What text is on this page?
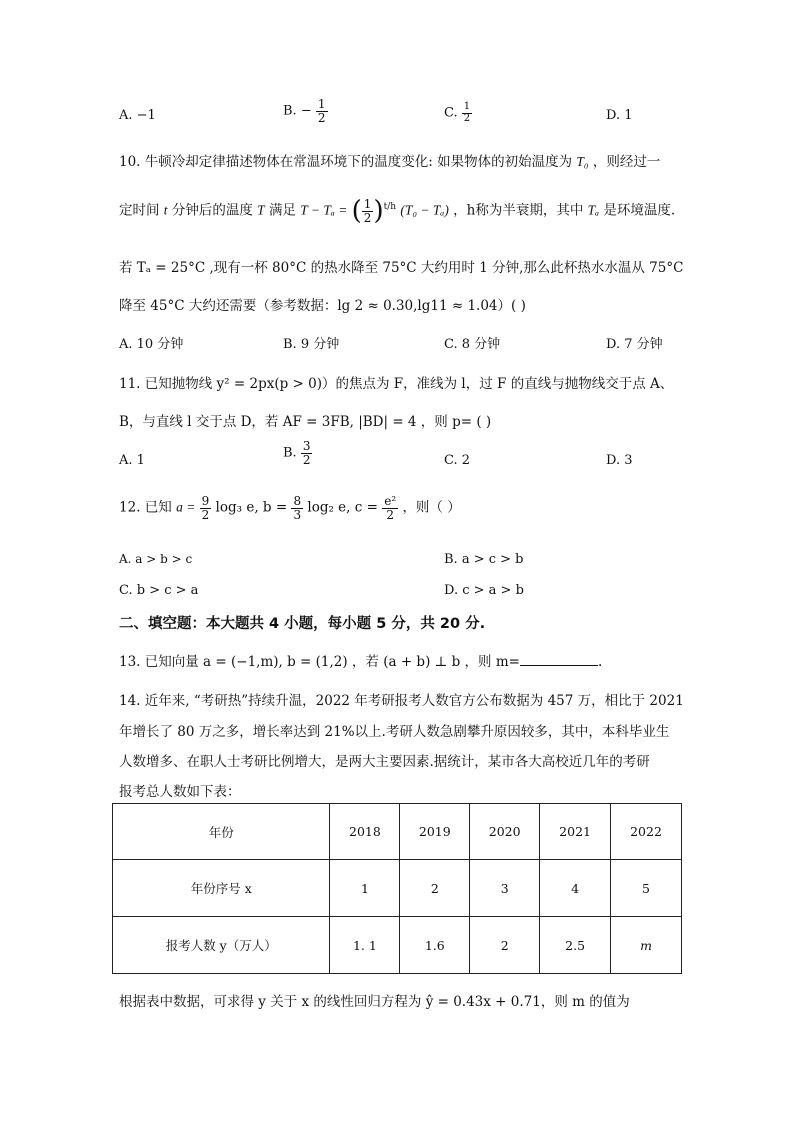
A. −1	B. − $\frac{1}{2}$	C. $\frac{1}{2}$	D. 1
10. 牛顿冷却定律描述物体在常温环境下的温度变化: 如果物体的初始温度为 T₀ ，则经过一
定时间 t 分钟后的温度 T 满足 T − Tₐ = ( $\frac{1}{2} )^{t/h}$ (T₀ − Tₐ) ，h称为半衰期，其中 Tₐ 是环境温度.
若 Tₐ = 25°C ,现有一杯 80°C 的热水降至 75°C 大约用时 1 分钟,那么此杯热水水温从 75°C
降至 45°C 大约还需要（参考数据：lg 2 ≈ 0.30,lg11 ≈ 1.04）( )
A. 10 分钟	B. 9 分钟	C. 8 分钟	D. 7 分钟
11. 已知抛物线 y² = 2px(p > 0)）的焦点为 F，准线为 l，过 F 的直线与抛物线交于点 A、
B，与直线 l 交于点 D，若 AF = 3FB, |BD| = 4 ，则 p= ( )
A. 1	B. $\frac{3}{2}$	C. 2	D. 3
12. 已知 $a = \frac{9}{2} \log_3$ e, $b = \frac{8}{3} \log_2$ e, $c = \frac{\text{e²}}{2}$ ，则（ ）
A. a > b > c	B. a > c > b
C. b > c > a	D. c > a > b
二、填空题：本大题共 4 小题，每小题 5 分，共 20 分.
13. 已知向量 a = (−1,m), b = (1,2) ，若 (a + b) ⊥ b ，则 m=	.
14. 近年来, “考研热”持续升温，2022 年考研报考人数官方公布数据为 457 万，相比于 2021
年增长了 80 万之多，增长率达到 21%以上.考研人数急剧攀升原因较多，其中，本科毕业生
人数增多、在职人士考研比例增大，是两大主要因素.据统计，某市各大高校近几年的考研
报考总人数如下表：
年份	2018	2019	2020	2021	2022
年份序号 x	1	2	3	4	5
报考人数 y（万人）	1. 1	1.6	2	2.5	m
根据表中数据，可求得 y 关于 x 的线性回归方程为 ŷ = 0.43x + 0.71，则 m 的值为
